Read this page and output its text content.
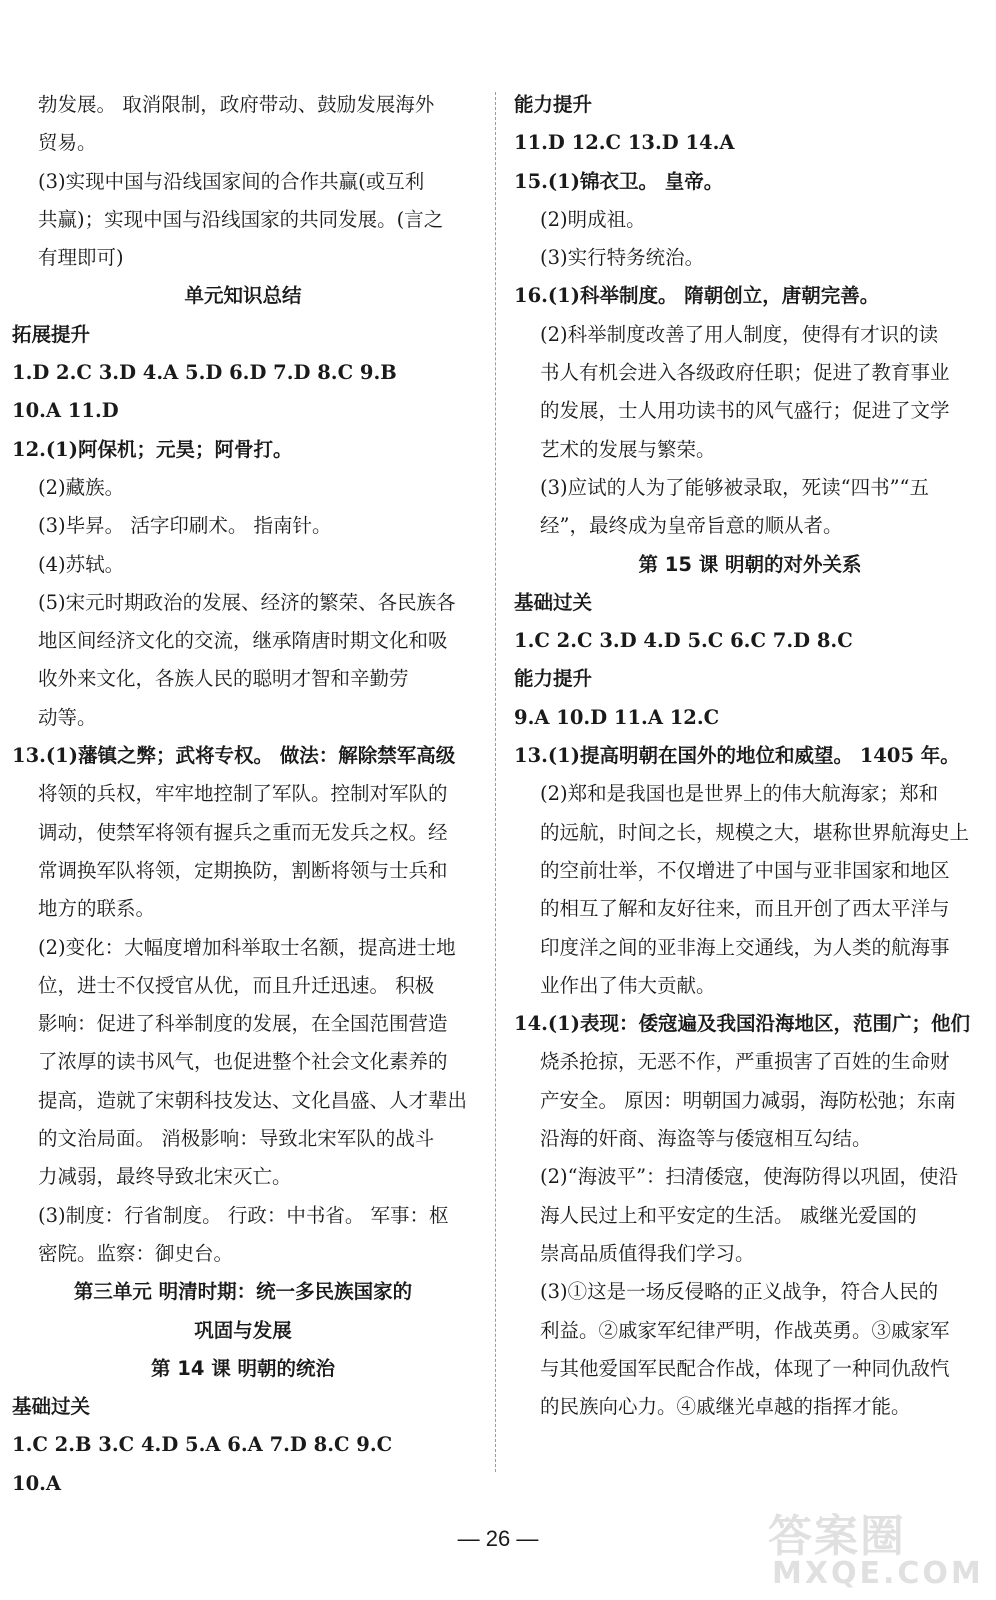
勃发展。 取消限制，政府带动、鼓励发展海外
贸易。
(3)实现中国与沿线国家间的合作共赢(或互利
共赢)；实现中国与沿线国家的共同发展。(言之
有理即可)
单元知识总结
拓展提升
1.D 2.C 3.D 4.A 5.D 6.D 7.D 8.C 9.B
10.A 11.D
12.(1)阿保机；元昊；阿骨打。
(2)藏族。
(3)毕昇。 活字印刷术。 指南针。
(4)苏轼。
(5)宋元时期政治的发展、经济的繁荣、各民族各
地区间经济文化的交流，继承隋唐时期文化和吸
收外来文化，各族人民的聪明才智和辛勤劳
动等。
13.(1)藩镇之弊；武将专权。 做法：解除禁军高级
将领的兵权，牢牢地控制了军队。控制对军队的
调动，使禁军将领有握兵之重而无发兵之权。经
常调换军队将领，定期换防，割断将领与士兵和
地方的联系。
(2)变化：大幅度增加科举取士名额，提高进士地
位，进士不仅授官从优，而且升迁迅速。 积极
影响：促进了科举制度的发展，在全国范围营造
了浓厚的读书风气，也促进整个社会文化素养的
提高，造就了宋朝科技发达、文化昌盛、人才辈出
的文治局面。 消极影响：导致北宋军队的战斗
力减弱，最终导致北宋灭亡。
(3)制度：行省制度。 行政：中书省。 军事：枢
密院。监察：御史台。
第三单元 明清时期：统一多民族国家的
巩固与发展
第 14 课 明朝的统治
基础过关
1.C 2.B 3.C 4.D 5.A 6.A 7.D 8.C 9.C
10.A
能力提升
11.D 12.C 13.D 14.A
15.(1)锦衣卫。 皇帝。
(2)明成祖。
(3)实行特务统治。
16.(1)科举制度。 隋朝创立，唐朝完善。
(2)科举制度改善了用人制度，使得有才识的读
书人有机会进入各级政府任职；促进了教育事业
的发展，士人用功读书的风气盛行；促进了文学
艺术的发展与繁荣。
(3)应试的人为了能够被录取，死读“四书”“五
经”，最终成为皇帝旨意的顺从者。
第 15 课 明朝的对外关系
基础过关
1.C 2.C 3.D 4.D 5.C 6.C 7.D 8.C
能力提升
9.A 10.D 11.A 12.C
13.(1)提高明朝在国外的地位和威望。 1405 年。
(2)郑和是我国也是世界上的伟大航海家；郑和
的远航，时间之长，规模之大，堪称世界航海史上
的空前壮举，不仅增进了中国与亚非国家和地区
的相互了解和友好往来，而且开创了西太平洋与
印度洋之间的亚非海上交通线，为人类的航海事
业作出了伟大贡献。
14.(1)表现：倭寇遍及我国沿海地区，范围广；他们
烧杀抢掠，无恶不作，严重损害了百姓的生命财
产安全。 原因：明朝国力减弱，海防松弛；东南
沿海的奸商、海盗等与倭寇相互勾结。
(2)“海波平”：扫清倭寇，使海防得以巩固，使沿
海人民过上和平安定的生活。 戚继光爱国的
崇高品质值得我们学习。
(3)①这是一场反侵略的正义战争，符合人民的
利益。②戚家军纪律严明，作战英勇。③戚家军
与其他爱国军民配合作战，体现了一种同仇敌忾
的民族向心力。④戚继光卓越的指挥才能。
— 26 —	答案圈
MXQE.COM
